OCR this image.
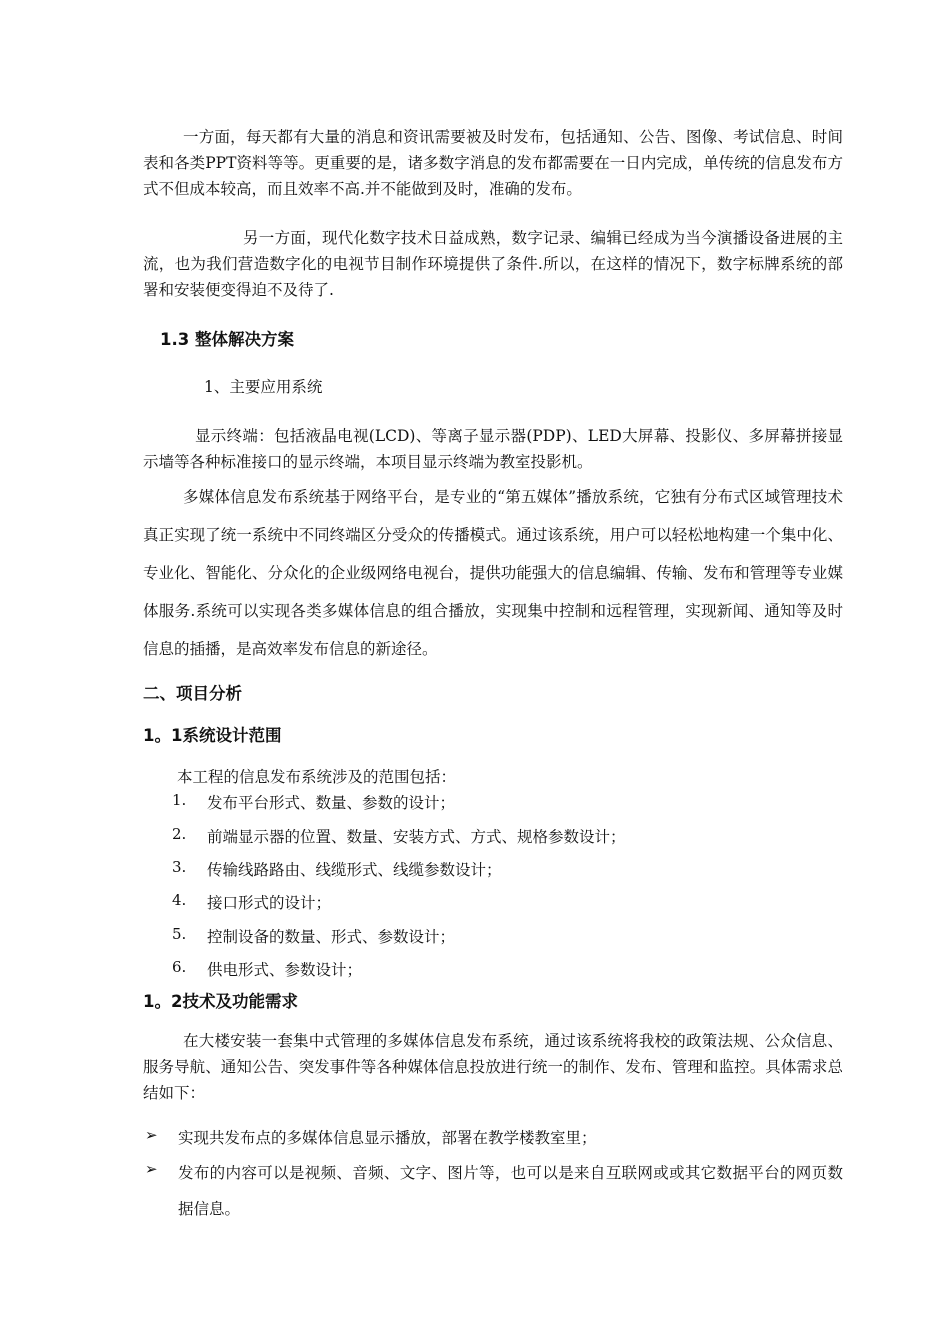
一方面，每天都有大量的消息和资讯需要被及时发布，包括通知、公告、图像、考试信息、时间表和各类PPT资料等等。更重要的是，诸多数字消息的发布都需要在一日内完成，单传统的信息发布方式不但成本较高，而且效率不高.并不能做到及时，准确的发布。

另一方面，现代化数字技术日益成熟，数字记录、编辑已经成为当今演播设备进展的主流，也为我们营造数字化的电视节目制作环境提供了条件.所以，在这样的情况下，数字标牌系统的部署和安装便变得迫不及待了.

1.3 整体解决方案
1、主要应用系统

显示终端：包括液晶电视(LCD)、等离子显示器(PDP)、LED大屏幕、投影仪、多屏幕拼接显示墙等各种标准接口的显示终端，本项目显示终端为教室投影机。

多媒体信息发布系统基于网络平台，是专业的“第五媒体”播放系统，它独有分布式区域管理技术真正实现了统一系统中不同终端区分受众的传播模式。通过该系统，用户可以轻松地构建一个集中化、专业化、智能化、分众化的企业级网络电视台，提供功能强大的信息编辑、传输、发布和管理等专业媒体服务.系统可以实现各类多媒体信息的组合播放，实现集中控制和远程管理，实现新闻、通知等及时信息的插播，是高效率发布信息的新途径。

二、项目分析
1。1系统设计范围
本工程的信息发布系统涉及的范围包括：
1. 发布平台形式、数量、参数的设计；
2. 前端显示器的位置、数量、安装方式、方式、规格参数设计；
3. 传输线路路由、线缆形式、线缆参数设计；
4. 接口形式的设计；
5. 控制设备的数量、形式、参数设计；
6. 供电形式、参数设计；
1。2技术及功能需求

在大楼安装一套集中式管理的多媒体信息发布系统，通过该系统将我校的政策法规、公众信息、服务导航、通知公告、突发事件等各种媒体信息投放进行统一的制作、发布、管理和监控。具体需求总结如下：

➢ 实现共发布点的多媒体信息显示播放，部署在教学楼教室里；
➢ 发布的内容可以是视频、音频、文字、图片等，也可以是来自互联网或或其它数据平台的网页数据信息。
